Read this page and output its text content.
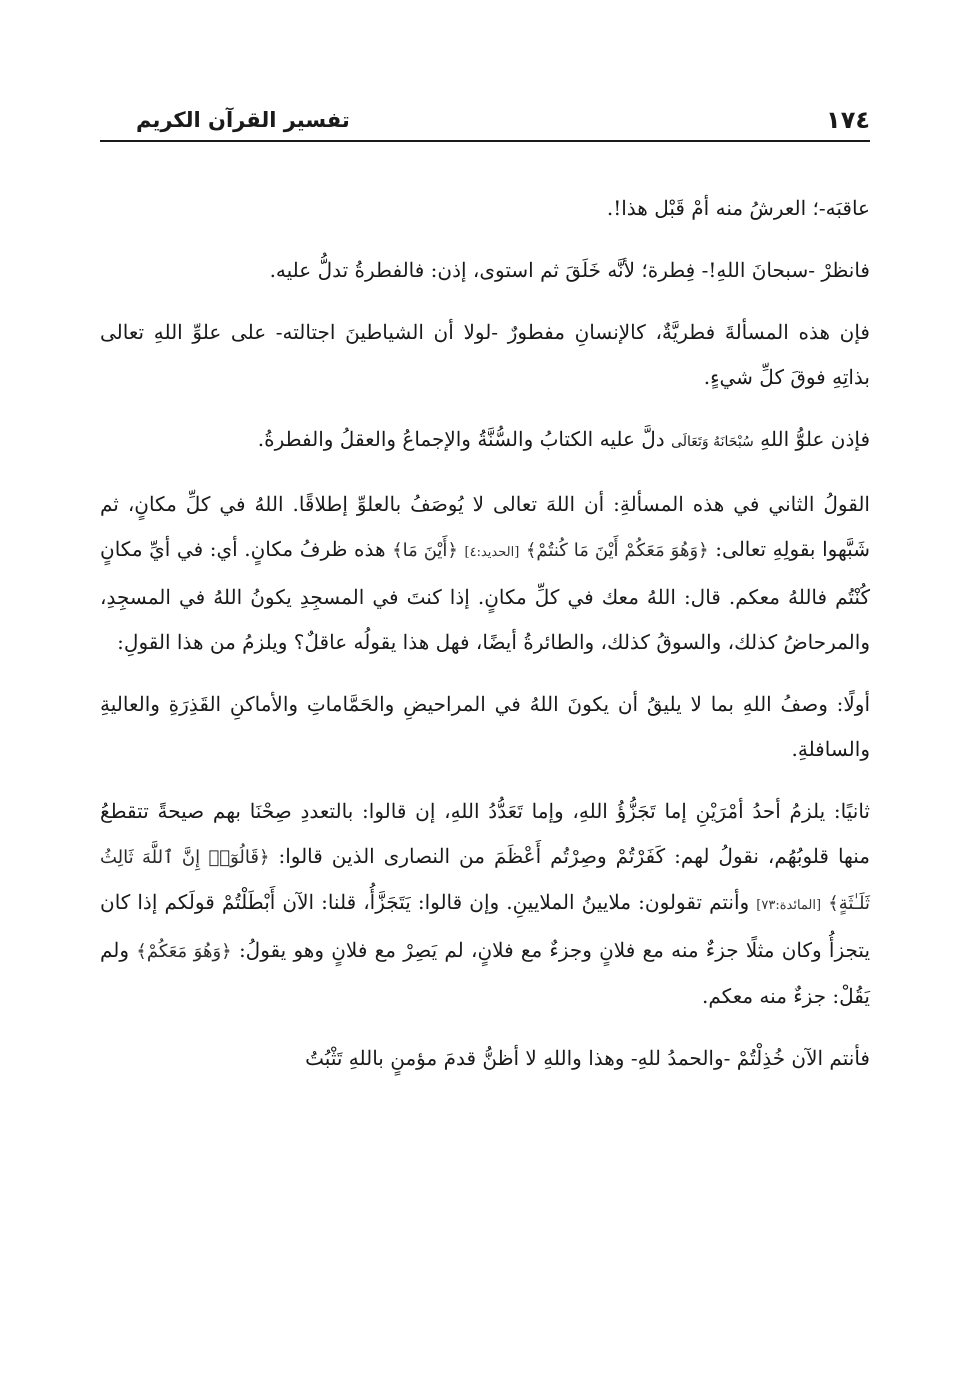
تفسير القرآن الكريم	١٧٤

عاقبَه-؛ العرشُ منه أمْ قَبْل هذا!.

فانظرْ -سبحانَ اللهِ!- فِطرة؛ لأنَّه خَلَقَ ثم استوى، إذن: فالفطرةُ تدلُّ عليه.

فإن هذه المسألةَ فطريَّةٌ، كالإنسانِ مفطورٌ -لولا أن الشياطينَ اجتالته- على علوِّ اللهِ تعالى بذاتِهِ فوقَ كلِّ شيءٍ.

فإذن علوُّ اللهِ سُبْحَانَهُ وَتَعَالَى دلَّ عليه الكتابُ والسُّنَّةُ والإجماعُ والعقلُ والفطرةُ.

القولُ الثاني في هذه المسألةِ: أن اللهَ تعالى لا يُوصَفُ بالعلوِّ إطلاقًا. اللهُ في كلِّ مكانٍ، ثم شَبَّهوا بقولِهِ تعالى: ﴿وَهُوَ مَعَكُمْ أَيْنَ مَا كُنتُمْ﴾ [الحديد:٤] ﴿أَيْنَ مَا﴾ هذه ظرفُ مكانٍ. أي: في أيِّ مكانٍ كُنْتُم فاللهُ معكم. قال: اللهُ معك في كلِّ مكانٍ. إذا كنتَ في المسجِدِ يكونُ اللهُ في المسجِدِ، والمرحاضُ كذلك، والسوقُ كذلك، والطائرةُ أيضًا، فهل هذا يقولُه عاقلٌ؟ ويلزمُ من هذا القولِ:

أولًا: وصفُ اللهِ بما لا يليقُ أن يكونَ اللهُ في المراحيضِ والحَمَّاماتِ والأماكنِ القَذِرَةِ والعاليةِ والسافلةِ.

ثانيًا: يلزمُ أحدُ أمْرَيْنِ إما تَجَزُّؤُ اللهِ، وإما تَعَدُّدُ اللهِ، إن قالوا: بالتعددِ صِحْنَا بهم صيحةً تتقطعُ منها قلوبُهُم، نقولُ لهم: كَفَرْتُمْ وصِرْتُم أَعْظَمَ من النصارى الذين قالوا: ﴿قَالُوٓا۟ إِنَّ ٱللَّهَ ثَالِثُ ثَلَـٰثَةٍ﴾ [المائدة:٧٣] وأنتم تقولون: ملايينُ الملايينِ. وإن قالوا: يَتَجَزَّأُ، قلنا: الآن أَبْطَلْتُمْ قولَكم إذا كان يتجزأُ وكان مثلًا جزءٌ منه مع فلانٍ وجزءٌ مع فلانٍ، لم يَصِرْ مع فلانٍ وهو يقولُ: ﴿وَهُوَ مَعَكُمْ﴾ ولم يَقُلْ: جزءٌ منه معكم.

فأنتم الآن خُذِلْتُمْ -والحمدُ للهِ- وهذا واللهِ لا أظنُّ قدمَ مؤمنٍ باللهِ تَثْبُتُ
